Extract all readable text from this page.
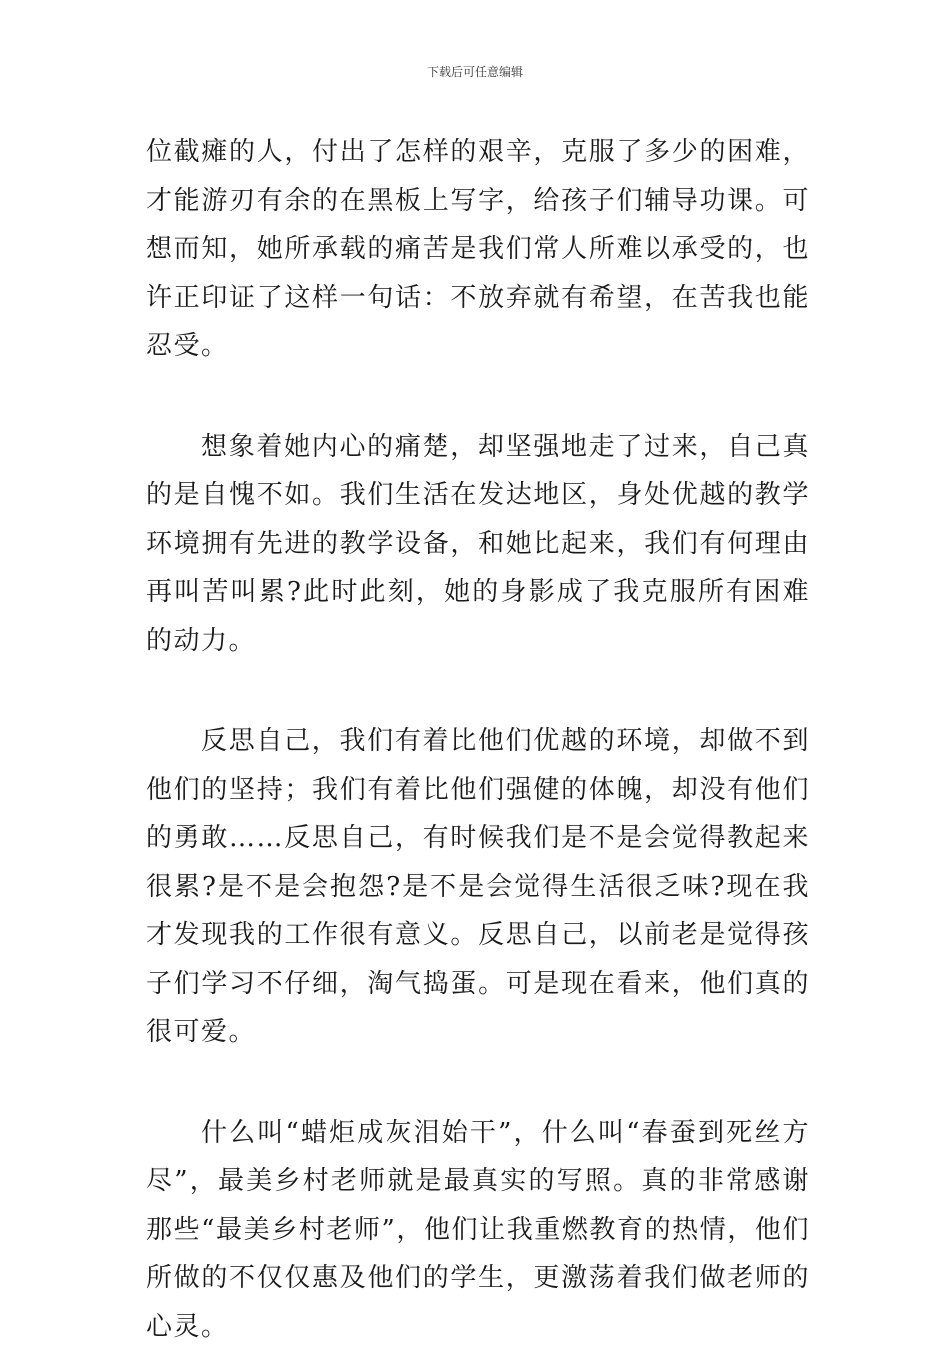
下载后可任意编辑

位截瘫的人，付出了怎样的艰辛，克服了多少的困难，才能游刃有余的在黑板上写字，给孩子们辅导功课。可想而知，她所承载的痛苦是我们常人所难以承受的，也许正印证了这样一句话：不放弃就有希望，在苦我也能忍受。

想象着她内心的痛楚，却坚强地走了过来，自己真的是自愧不如。我们生活在发达地区，身处优越的教学环境拥有先进的教学设备，和她比起来，我们有何理由再叫苦叫累?此时此刻，她的身影成了我克服所有困难的动力。

反思自己，我们有着比他们优越的环境，却做不到他们的坚持；我们有着比他们强健的体魄，却没有他们的勇敢……反思自己，有时候我们是不是会觉得教起来很累?是不是会抱怨?是不是会觉得生活很乏味?现在我才发现我的工作很有意义。反思自己，以前老是觉得孩子们学习不仔细，淘气捣蛋。可是现在看来，他们真的很可爱。

什么叫“蜡炬成灰泪始干”，什么叫“春蚕到死丝方尽”，最美乡村老师就是最真实的写照。真的非常感谢那些“最美乡村老师”，他们让我重燃教育的热情，他们所做的不仅仅惠及他们的学生，更激荡着我们做老师的心灵。
